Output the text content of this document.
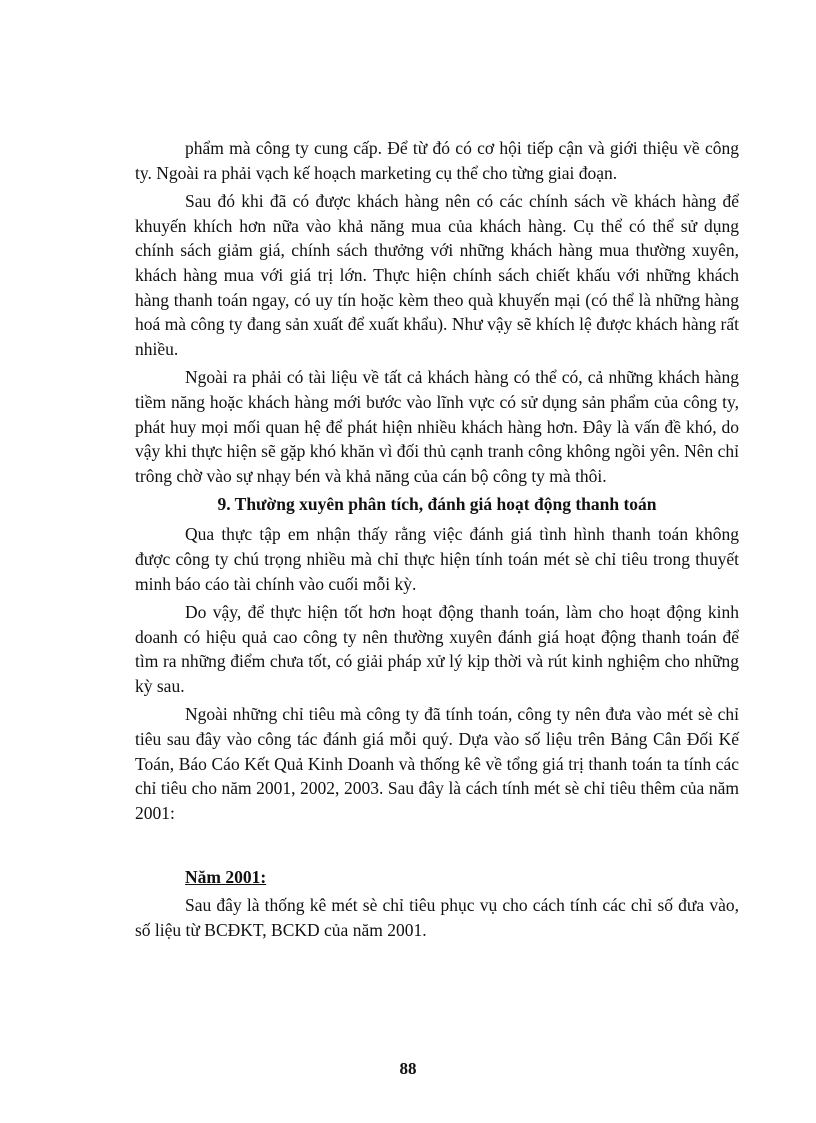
phẩm mà công ty cung cấp. Để từ đó có cơ hội tiếp cận và giới thiệu về công ty. Ngoài ra phải vạch kế hoạch marketing cụ thể cho từng giai đoạn.

Sau đó khi đã có được khách hàng nên có các chính sách về khách hàng để khuyến khích hơn nữa vào khả năng mua của khách hàng. Cụ thể có thể sử dụng chính sách giảm giá, chính sách thưởng với những khách hàng mua thường xuyên, khách hàng mua với giá trị lớn. Thực hiện chính sách chiết khấu với những khách hàng thanh toán ngay, có uy tín hoặc kèm theo quà khuyến mại (có thể là những hàng hoá mà công ty đang sản xuất để xuất khẩu). Như vậy sẽ khích lệ được khách hàng rất nhiều.

Ngoài ra phải có tài liệu về tất cả khách hàng có thể có, cả những khách hàng tiềm năng hoặc khách hàng mới bước vào lĩnh vực có sử dụng sản phẩm của công ty, phát huy mọi mối quan hệ để phát hiện nhiều khách hàng hơn. Đây là vấn đề khó, do vậy khi thực hiện sẽ gặp khó khăn vì đối thủ cạnh tranh công không ngồi yên. Nên chỉ trông chờ vào sự nhạy bén và khả năng của cán bộ công ty mà thôi.

9. Thường xuyên phân tích, đánh giá hoạt động thanh toán

Qua thực tập em nhận thấy rằng việc đánh giá tình hình thanh toán không được công ty chú trọng nhiều mà chỉ thực hiện tính toán mét sè chỉ tiêu trong thuyết minh báo cáo tài chính vào cuối mỗi kỳ.

Do vậy, để thực hiện tốt hơn hoạt động thanh toán, làm cho hoạt động kinh doanh có hiệu quả cao công ty nên thường xuyên đánh giá hoạt động thanh toán để tìm ra những điểm chưa tốt, có giải pháp xử lý kịp thời và rút kinh nghiệm cho những kỳ sau.

Ngoài những chỉ tiêu mà công ty đã tính toán, công ty nên đưa vào mét sè chỉ tiêu sau đây vào công tác đánh giá mỗi quý. Dựa vào số liệu trên Bảng Cân Đối Kế Toán, Báo Cáo Kết Quả Kinh Doanh và thống kê về tổng giá trị thanh toán ta tính các chỉ tiêu cho năm 2001, 2002, 2003. Sau đây là cách tính mét sè chỉ tiêu thêm của năm 2001:

Năm 2001:

Sau đây là thống kê mét sè chỉ tiêu phục vụ cho cách tính các chỉ số đưa vào, số liệu từ BCĐKT, BCKD của năm 2001.

88
